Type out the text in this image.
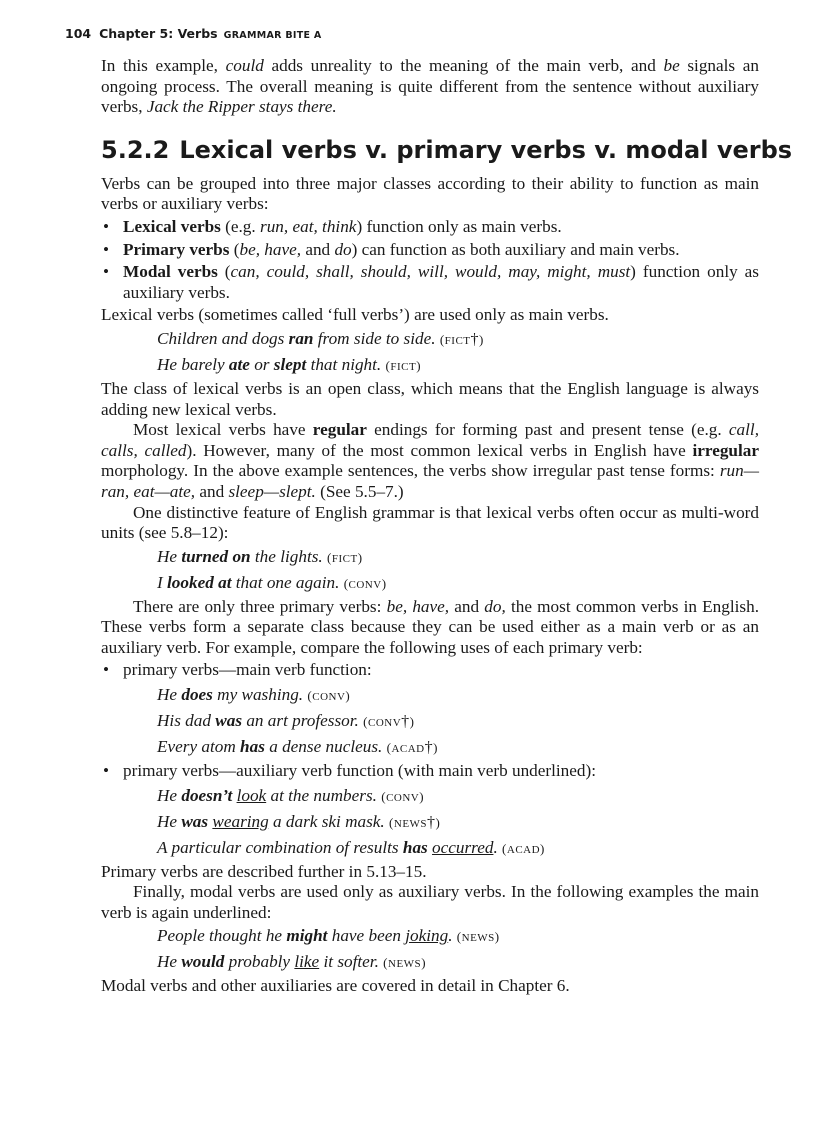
104 Chapter 5: Verbs GRAMMAR BITE A

In this example, could adds unreality to the meaning of the main verb, and be signals an ongoing process. The overall meaning is quite different from the sentence without auxiliary verbs, Jack the Ripper stays there.

5.2.2 Lexical verbs v. primary verbs v. modal verbs

Verbs can be grouped into three major classes according to their ability to function as main verbs or auxiliary verbs:

• Lexical verbs (e.g. run, eat, think) function only as main verbs.
• Primary verbs (be, have, and do) can function as both auxiliary and main verbs.
• Modal verbs (can, could, shall, should, will, would, may, might, must) function only as auxiliary verbs.

Lexical verbs (sometimes called ‘full verbs’) are used only as main verbs.

Children and dogs ran from side to side. (fict†)
He barely ate or slept that night. (fict)

The class of lexical verbs is an open class, which means that the English language is always adding new lexical verbs.

Most lexical verbs have regular endings for forming past and present tense (e.g. call, calls, called). However, many of the most common lexical verbs in English have irregular morphology. In the above example sentences, the verbs show irregular past tense forms: run—ran, eat—ate, and sleep—slept. (See 5.5–7.)

One distinctive feature of English grammar is that lexical verbs often occur as multi-word units (see 5.8–12):

He turned on the lights. (fict)
I looked at that one again. (conv)

There are only three primary verbs: be, have, and do, the most common verbs in English. These verbs form a separate class because they can be used either as a main verb or as an auxiliary verb. For example, compare the following uses of each primary verb:

• primary verbs—main verb function:
He does my washing. (conv)
His dad was an art professor. (conv†)
Every atom has a dense nucleus. (acad†)
• primary verbs—auxiliary verb function (with main verb underlined):
He doesn’t look at the numbers. (conv)
He was wearing a dark ski mask. (news†)
A particular combination of results has occurred. (acad)

Primary verbs are described further in 5.13–15.

Finally, modal verbs are used only as auxiliary verbs. In the following examples the main verb is again underlined:

People thought he might have been joking. (news)
He would probably like it softer. (news)

Modal verbs and other auxiliaries are covered in detail in Chapter 6.
